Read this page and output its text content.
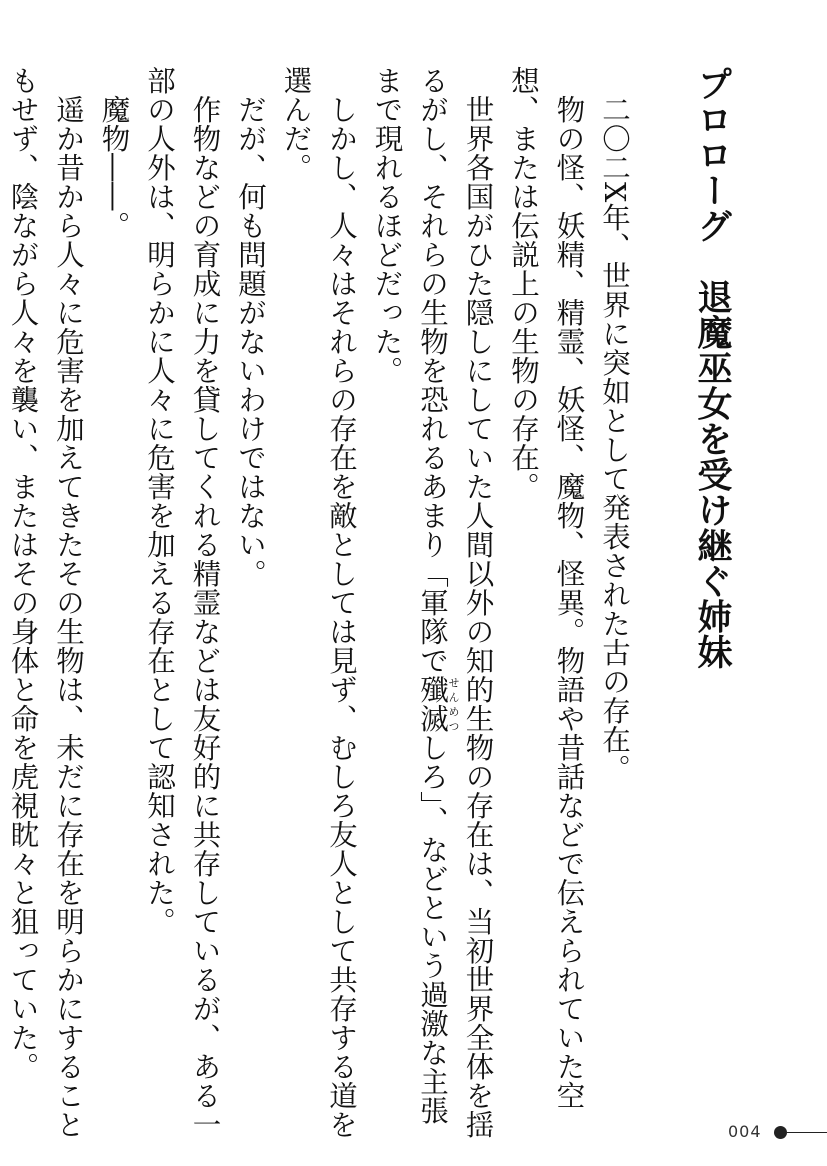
プロローグ　退魔巫女を受け継ぐ姉妹

二〇二X年、世界に突如として発表された古の存在。

物の怪、妖精、精霊、妖怪、魔物、怪異。物語や昔話などで伝えられていた空想、または伝説上の生物の存在。

世界各国がひた隠しにしていた人間以外の知的生物の存在は、当初世界全体を揺るがし、それらの生物を恐れるあまり「軍隊で殲滅せんめつしろ」、などという過激な主張まで現れるほどだった。

しかし、人々はそれらの存在を敵としては見ず、むしろ友人として共存する道を選んだ。

だが、何も問題がないわけではない。

作物などの育成に力を貸してくれる精霊などは友好的に共存しているが、ある一部の人外は、明らかに人々に危害を加える存在として認知された。

魔物――。

遥か昔から人々に危害を加えてきたその生物は、未だに存在を明らかにすることもせず、陰ながら人々を襲い、またはその身体と命を虎視眈々と狙っていた。

004
